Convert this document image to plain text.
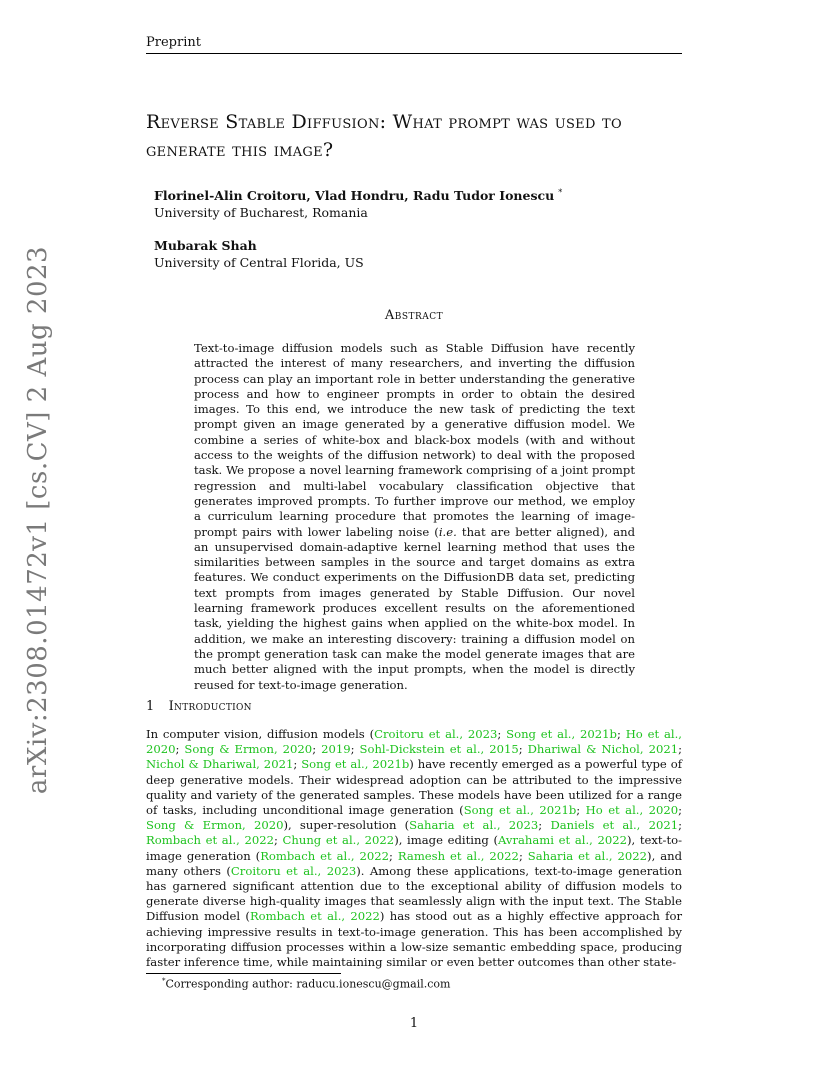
Preprint
arXiv:2308.01472v1 [cs.CV] 2 Aug 2023
Reverse Stable Diffusion: What prompt was used to
generate this image?
Florinel-Alin Croitoru, Vlad Hondru, Radu Tudor Ionescu *
University of Bucharest, Romania
Mubarak Shah
University of Central Florida, US
Abstract
Text-to-image diffusion models such as Stable Diffusion have recently attracted the interest of many researchers, and inverting the diffusion process can play an important role in better understanding the generative process and how to engineer prompts in order to obtain the desired images. To this end, we introduce the new task of predicting the text prompt given an image generated by a generative diffusion model. We combine a series of white-box and black-box models (with and without access to the weights of the diffusion network) to deal with the proposed task. We propose a novel learning framework comprising of a joint prompt regression and multi-label vocabulary classification objective that generates improved prompts. To further improve our method, we employ a curriculum learning procedure that promotes the learning of image-prompt pairs with lower labeling noise (i.e. that are better aligned), and an unsupervised domain-adaptive kernel learning method that uses the similarities between samples in the source and target domains as extra features. We conduct experiments on the DiffusionDB data set, predicting text prompts from images generated by Stable Diffusion. Our novel learning framework produces excellent results on the aforementioned task, yielding the highest gains when applied on the white-box model. In addition, we make an interesting discovery: training a diffusion model on the prompt generation task can make the model generate images that are much better aligned with the input prompts, when the model is directly reused for text-to-image generation.
1 Introduction
In computer vision, diffusion models (Croitoru et al., 2023; Song et al., 2021b; Ho et al., 2020; Song & Ermon, 2020; 2019; Sohl-Dickstein et al., 2015; Dhariwal & Nichol, 2021; Nichol & Dhariwal, 2021; Song et al., 2021b) have recently emerged as a powerful type of deep generative models. Their widespread adoption can be attributed to the impressive quality and variety of the generated samples. These models have been utilized for a range of tasks, including unconditional image generation (Song et al., 2021b; Ho et al., 2020; Song & Ermon, 2020), super-resolution (Saharia et al., 2023; Daniels et al., 2021; Rombach et al., 2022; Chung et al., 2022), image editing (Avrahami et al., 2022), text-to-image generation (Rombach et al., 2022; Ramesh et al., 2022; Saharia et al., 2022), and many others (Croitoru et al., 2023). Among these applications, text-to-image generation has garnered significant attention due to the exceptional ability of diffusion models to generate diverse high-quality images that seamlessly align with the input text. The Stable Diffusion model (Rombach et al., 2022) has stood out as a highly effective approach for achieving impressive results in text-to-image generation. This has been accomplished by incorporating diffusion processes within a low-size semantic embedding space, producing faster inference time, while maintaining similar or even better outcomes than other state-
*Corresponding author: raducu.ionescu@gmail.com
1
